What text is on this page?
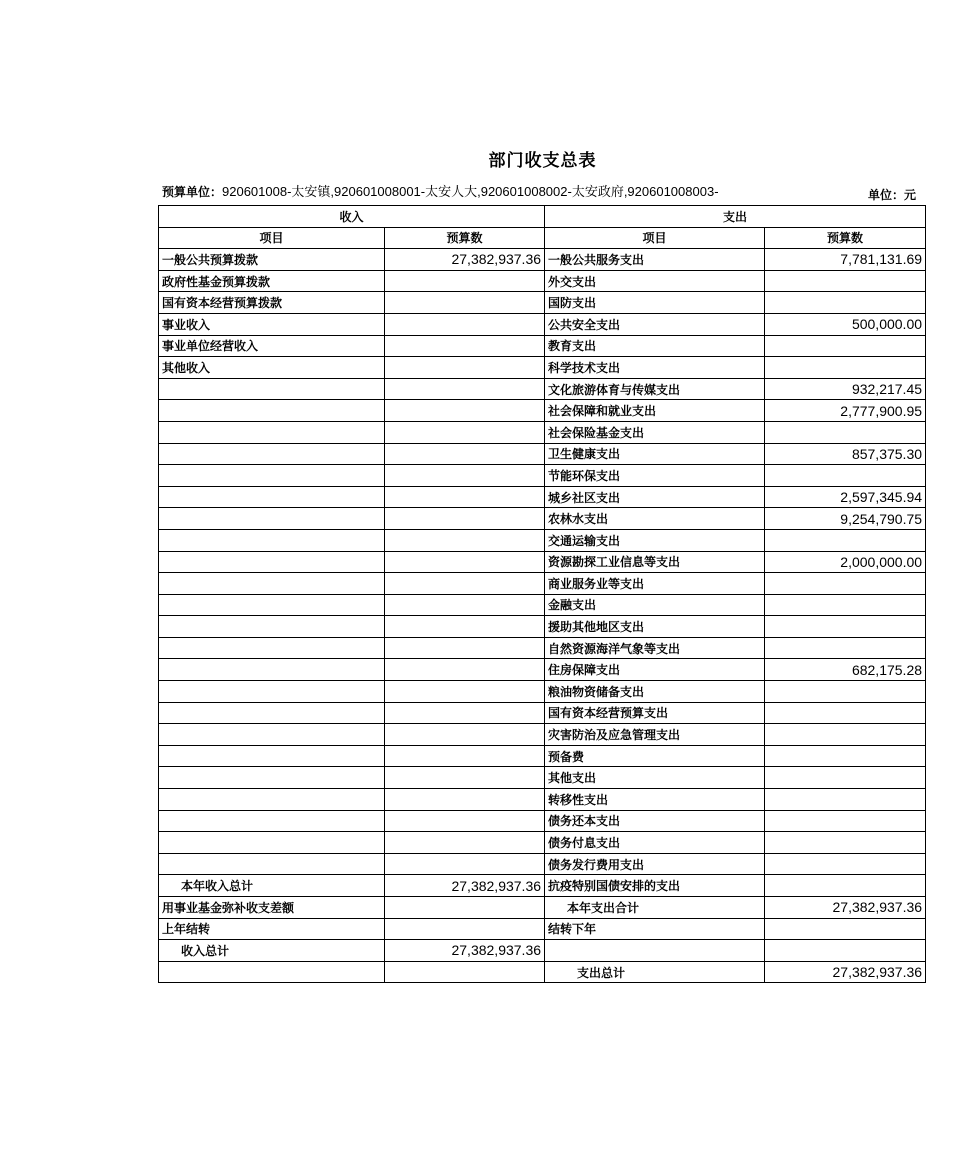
部门收支总表
预算单位：920601008-太安镇,920601008001-太安人大,920601008002-太安政府,920601008003-	单位：元
收入		支出	
项目	预算数	项目	预算数
一般公共预算拨款	27,382,937.36	一般公共服务支出	7,781,131.69
政府性基金预算拨款		外交支出	
国有资本经营预算拨款		国防支出	
事业收入		公共安全支出	500,000.00
事业单位经营收入		教育支出	
其他收入		科学技术支出	
		文化旅游体育与传媒支出	932,217.45
		社会保障和就业支出	2,777,900.95
		社会保险基金支出	
		卫生健康支出	857,375.30
		节能环保支出	
		城乡社区支出	2,597,345.94
		农林水支出	9,254,790.75
		交通运输支出	
		资源勘探工业信息等支出	2,000,000.00
		商业服务业等支出	
		金融支出	
		援助其他地区支出	
		自然资源海洋气象等支出	
		住房保障支出	682,175.28
		粮油物资储备支出	
		国有资本经营预算支出	
		灾害防治及应急管理支出	
		预备费	
		其他支出	
		转移性支出	
		债务还本支出	
		债务付息支出	
		债务发行费用支出	
本年收入总计	27,382,937.36	抗疫特别国债安排的支出	
用事业基金弥补收支差额		本年支出合计	27,382,937.36
上年结转		结转下年	
收入总计	27,382,937.36		
		支出总计	27,382,937.36
